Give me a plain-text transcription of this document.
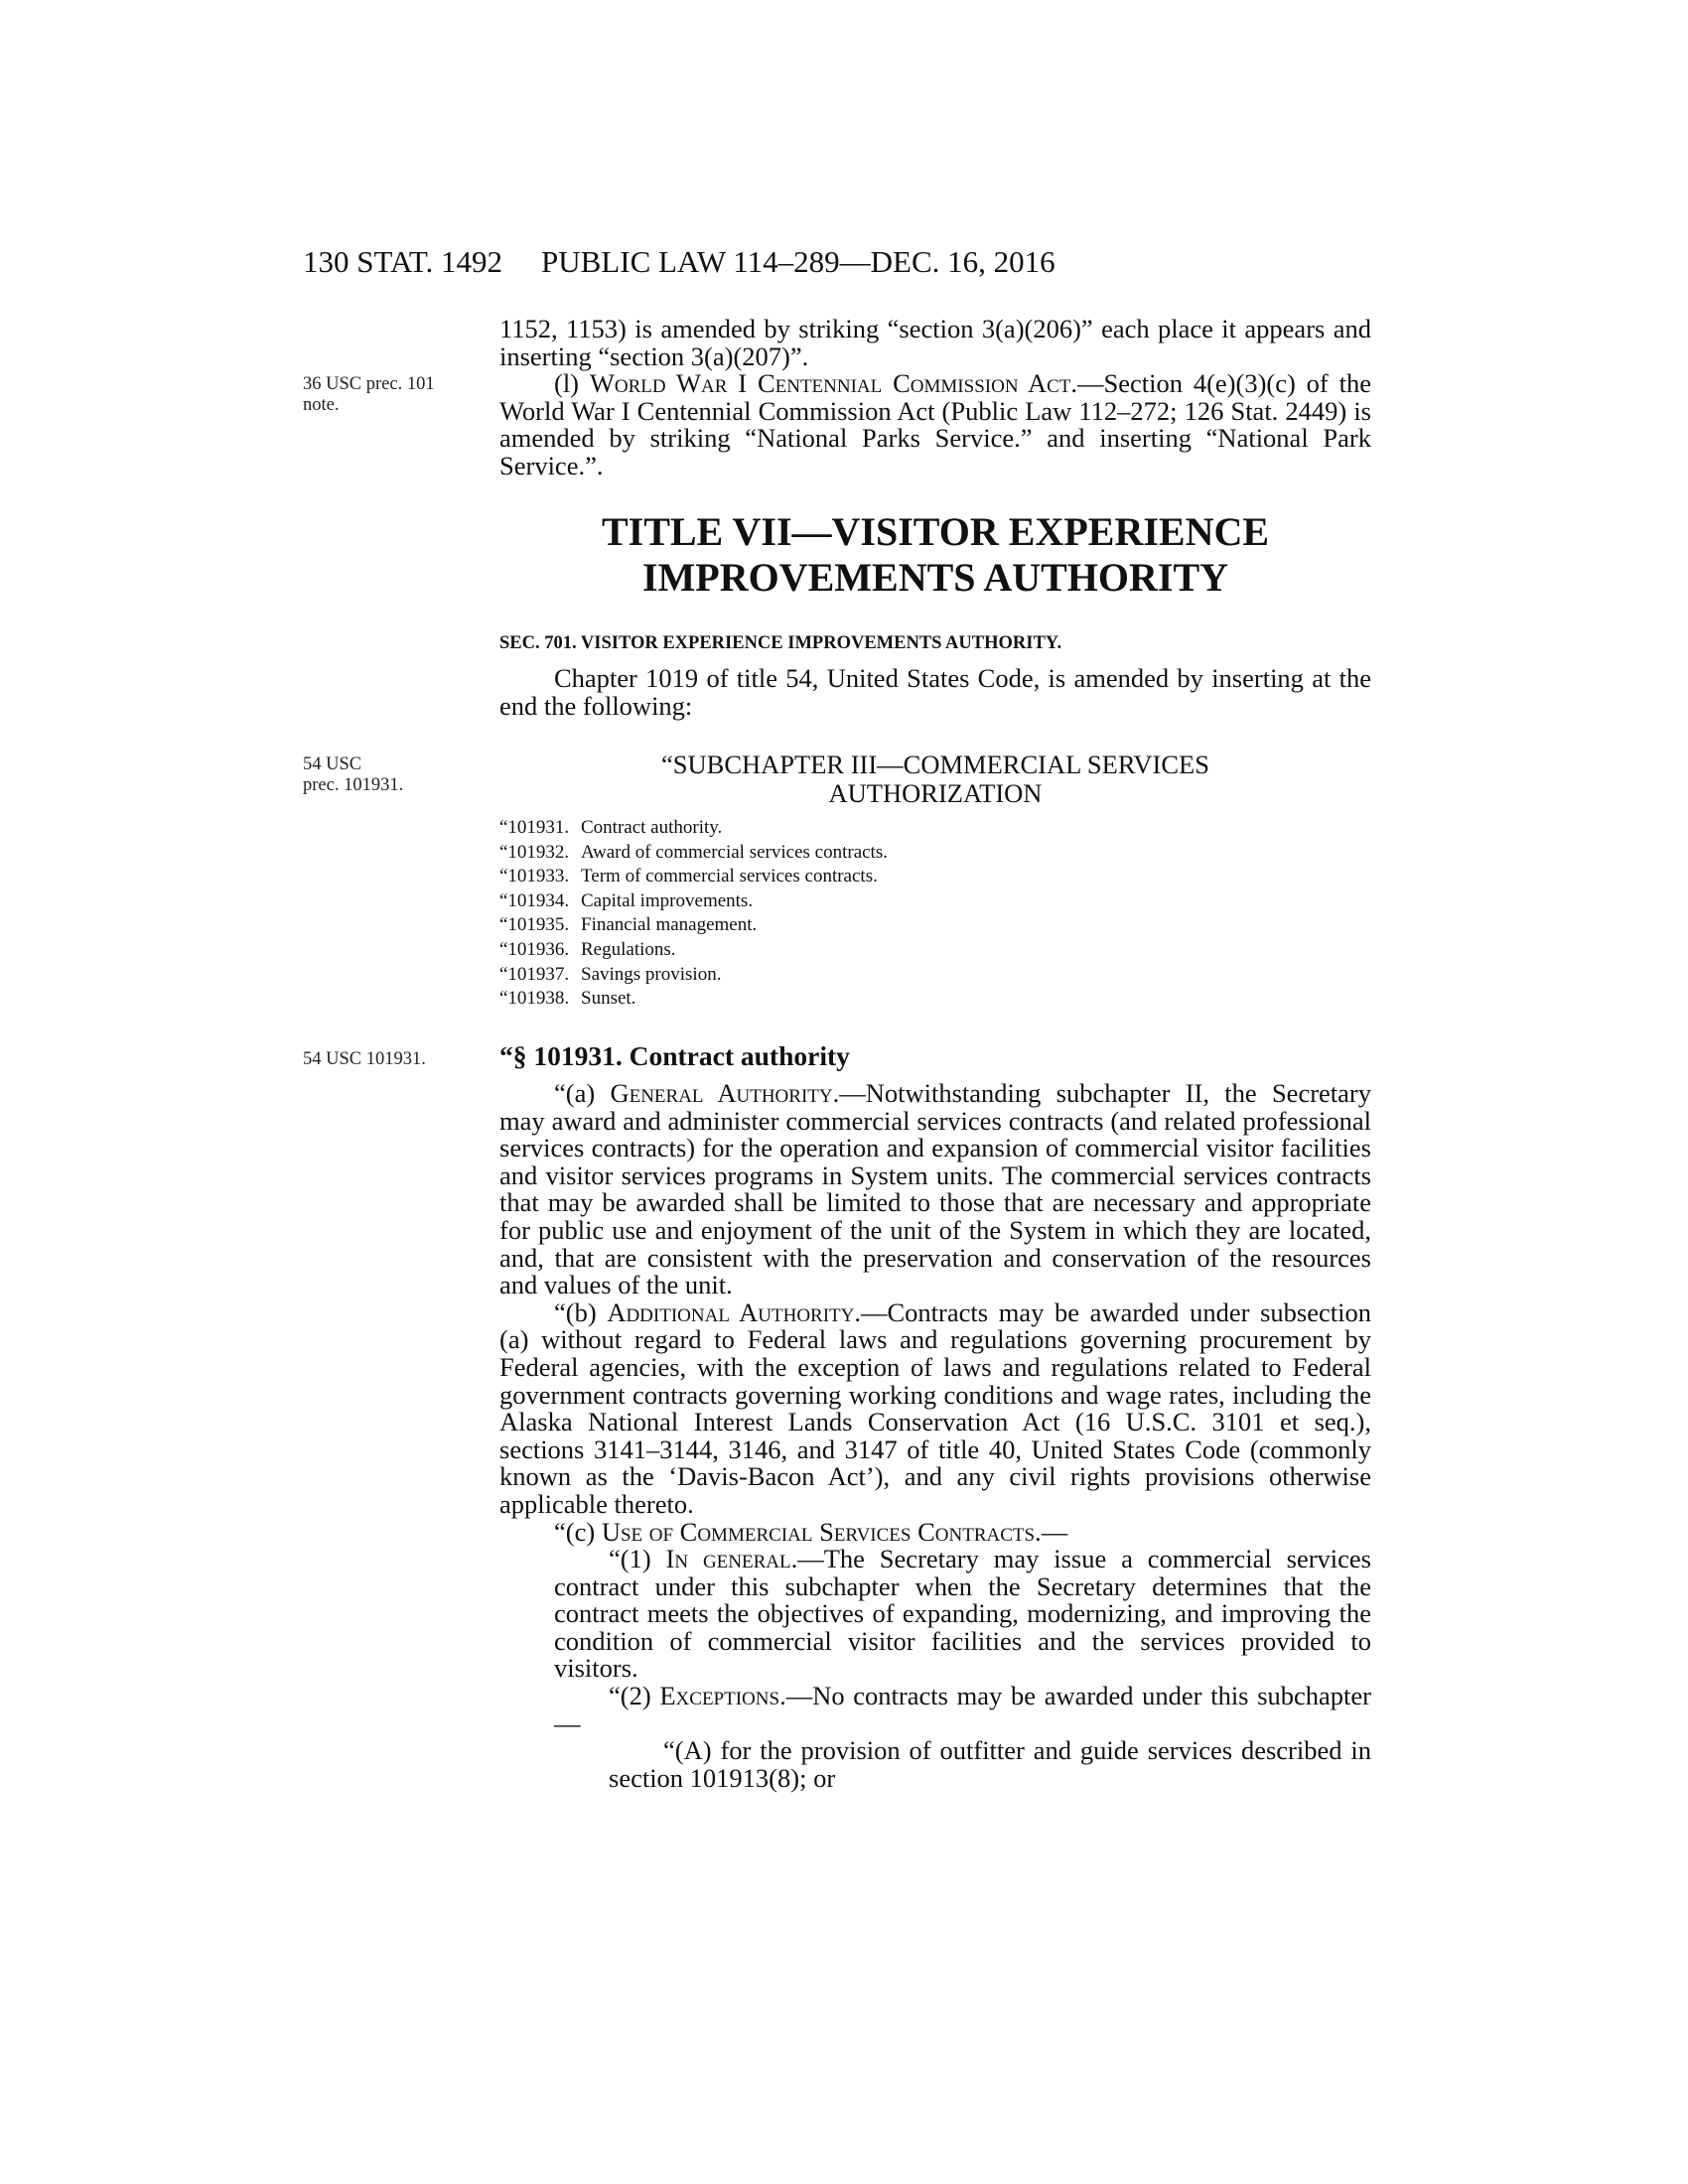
130 STAT. 1492 PUBLIC LAW 114–289—DEC. 16, 2016

1152, 1153) is amended by striking “section 3(a)(206)” each place it appears and inserting “section 3(a)(207)”.

(l) World War I Centennial Commission Act.—Section 4(e)(3)(c) of the World War I Centennial Commission Act (Public Law 112–272; 126 Stat. 2449) is amended by striking “National Parks Service.” and inserting “National Park Service.”.

36 USC prec. 101
note.
TITLE VII—VISITOR EXPERIENCE
IMPROVEMENTS AUTHORITY
SEC. 701. VISITOR EXPERIENCE IMPROVEMENTS AUTHORITY.

Chapter 1019 of title 54, United States Code, is amended by inserting at the end the following:

54 USC
prec. 101931.
“SUBCHAPTER III—COMMERCIAL SERVICES
AUTHORIZATION
“101931. Contract authority.
“101932. Award of commercial services contracts.
“101933. Term of commercial services contracts.
“101934. Capital improvements.
“101935. Financial management.
“101936. Regulations.
“101937. Savings provision.
“101938. Sunset.
54 USC 101931.	“§ 101931. Contract authority

“(a) General Authority.—Notwithstanding subchapter II, the Secretary may award and administer commercial services contracts (and related professional services contracts) for the operation and expansion of commercial visitor facilities and visitor services programs in System units. The commercial services contracts that may be awarded shall be limited to those that are necessary and appropriate for public use and enjoyment of the unit of the System in which they are located, and, that are consistent with the preservation and conservation of the resources and values of the unit.

“(b) Additional Authority.—Contracts may be awarded under subsection (a) without regard to Federal laws and regulations governing procurement by Federal agencies, with the exception of laws and regulations related to Federal government contracts governing working conditions and wage rates, including the Alaska National Interest Lands Conservation Act (16 U.S.C. 3101 et seq.), sections 3141–3144, 3146, and 3147 of title 40, United States Code (commonly known as the ‘Davis-Bacon Act’), and any civil rights provisions otherwise applicable thereto.

“(c) Use of Commercial Services Contracts.—

“(1) In general.—The Secretary may issue a commercial services contract under this subchapter when the Secretary determines that the contract meets the objectives of expanding, modernizing, and improving the condition of commercial visitor facilities and the services provided to visitors.

“(2) Exceptions.—No contracts may be awarded under this subchapter—

“(A) for the provision of outfitter and guide services described in section 101913(8); or
